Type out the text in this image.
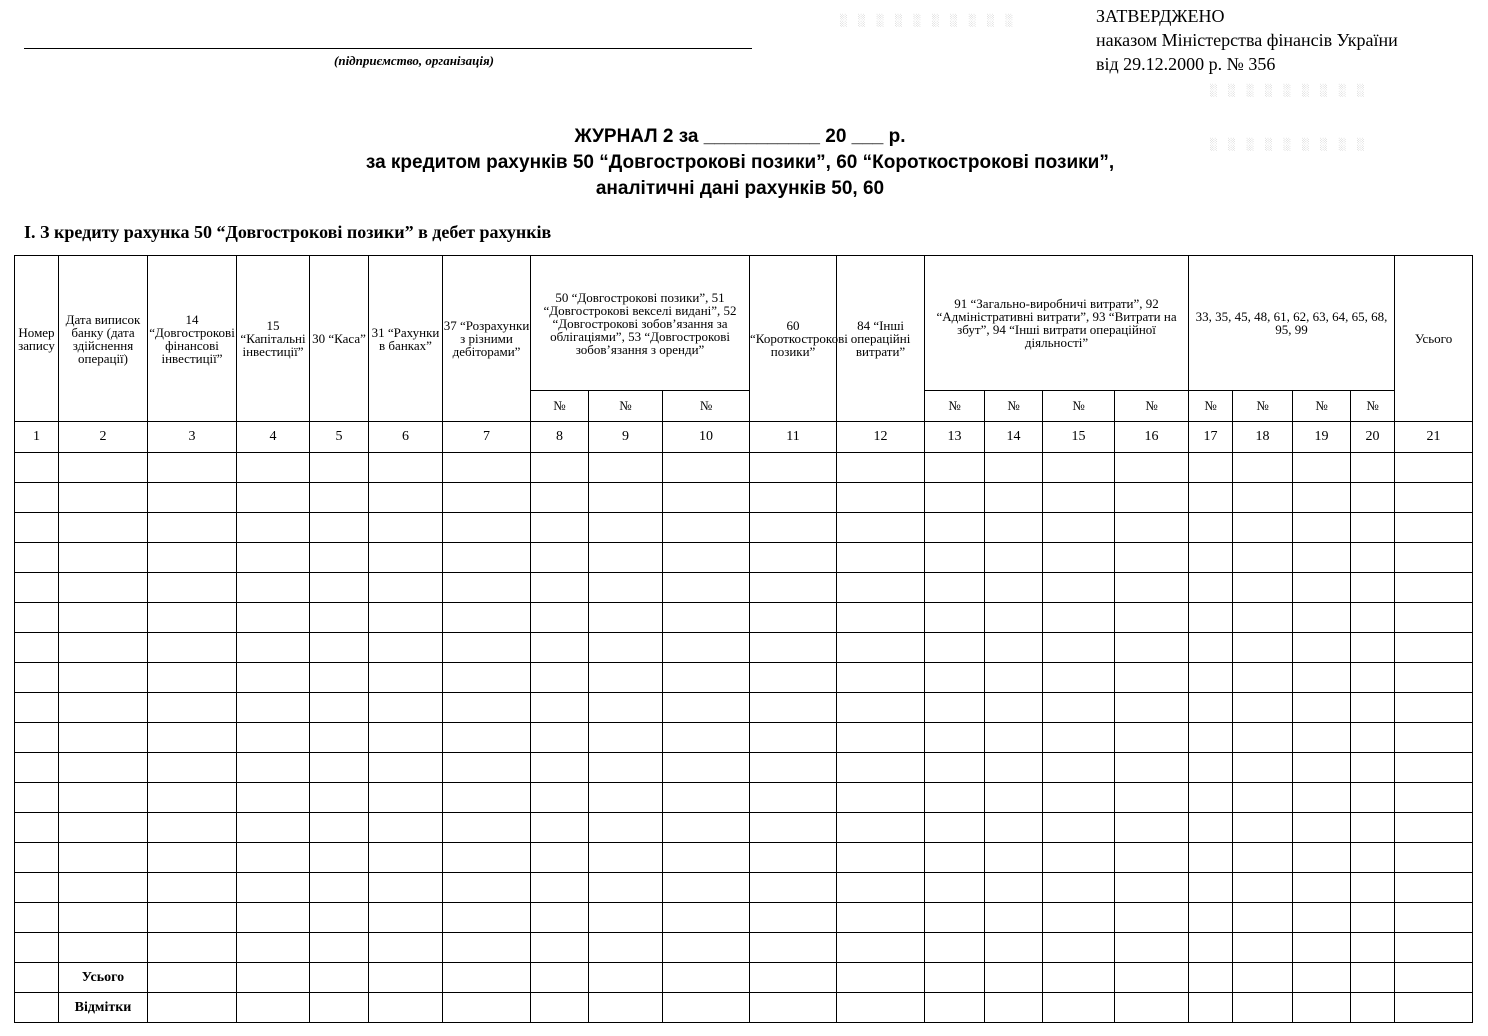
░ ░ ░ ░ ░ ░ ░ ░ ░ ░
░ ░ ░ ░ ░ ░ ░ ░ ░
░ ░ ░ ░ ░ ░ ░ ░ ░
(підприємство, організація)
ЗАТВЕРДЖЕНО
наказом Міністерства фінансів України
від 29.12.2000 р. № 356
ЖУРНАЛ 2 за ___________ 20 ___ р.
за кредитом рахунків 50 “Довгострокові позики”, 60 “Короткострокові позики”,
аналітичні дані рахунків 50, 60
І. З кредиту рахунка 50 “Довгострокові позики” в дебет рахунків
Номер запису	Дата виписок банку (дата здійснення операції)	14 “Довгострокові фінансові інвестиції”	15 “Капітальні інвестиції”	30 “Каса”	31 “Рахунки в банках”	37 “Розрахунки з різними дебіторами”	50 “Довгострокові позики”, 51 “Довгострокові векселі видані”, 52 “Довгострокові зобов’язання за облігаціями”, 53 “Довгострокові зобов’язання з оренди”			60 “Короткострокові позики”	84 “Інші операційні витрати”	91 “Загально-виробничі витрати”, 92 “Адміністративні витрати”, 93 “Витрати на збут”, 94 “Інші витрати операційної діяльності”				33, 35, 45, 48, 61, 62, 63, 64, 65, 68, 95, 99				Усього
							№	№	№			№	№	№	№	№	№	№	№	
1	2	3	4	5	6	7	8	9	10	11	12	13	14	15	16	17	18	19	20	21

	Усього																			
	Відмітки																			
